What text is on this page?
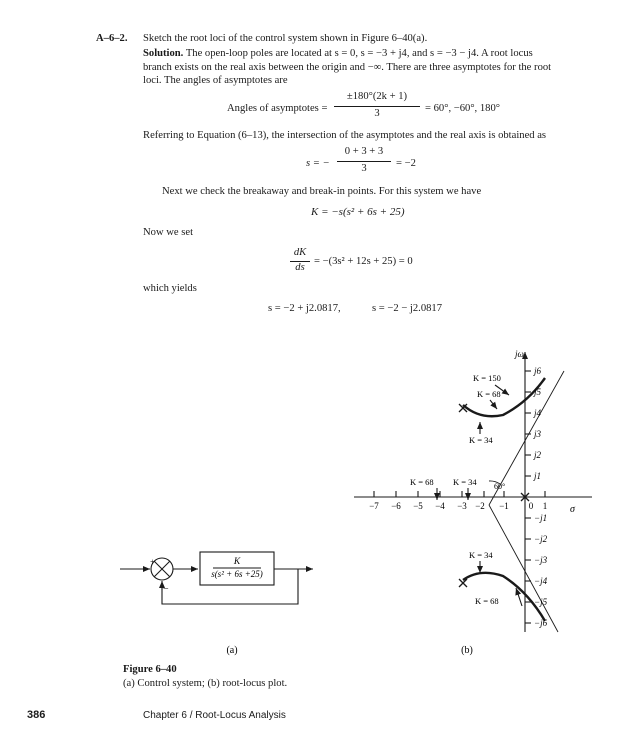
A–6–2. Sketch the root loci of the control system shown in Figure 6–40(a).
Solution. The open-loop poles are located at s = 0, s = −3 + j4, and s = −3 − j4. A root locus
branch exists on the real axis between the origin and −∞. There are three asymptotes for the root
loci. The angles of asymptotes are
Angles of asymptotes =
±180°(2k + 1)
3	= 60°, −60°, 180°
Referring to Equation (6–13), the intersection of the asymptotes and the real axis is obtained as
s = −
0 + 3 + 3
3	= −2
Next we check the breakaway and break-in points. For this system we have
K = −s(s² + 6s + 25)
Now we set
dK
ds
= −(3s² + 12s + 25) = 0
which yields
s = −2 + j2.0817,	s = −2 − j2.0817
K
s(s² + 6s +25)
+
−
(a)
jω
σ
−7 −6 −5 −4 −3 −2 −1 0 1
j6
j5
j4
j3
j2
j1
−j1
−j2
−j3
−j4
−j5
−j6
K = 150
K = 68
K = 34
K = 68 K = 34 60°
K = 34
K = 68
(b)
Figure 6–40
(a) Control system; (b) root-locus plot.
386	Chapter 6 / Root-Locus Analysis
